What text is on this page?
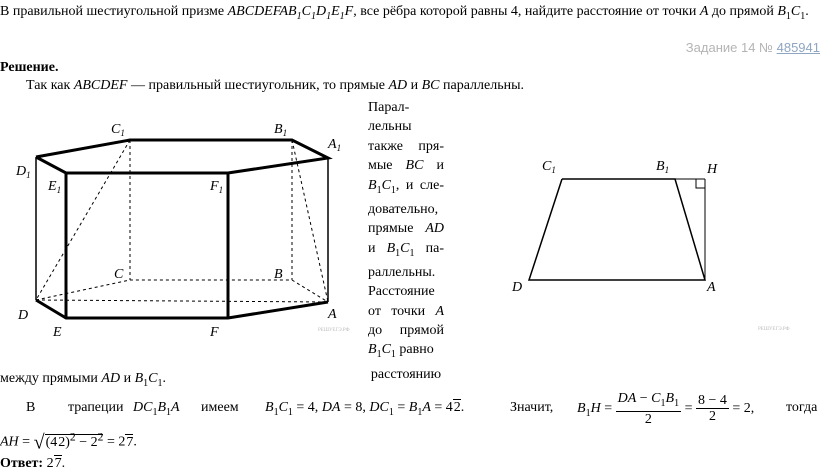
В правильной шестиугольной призме $ABCDEFAB_1C_1D_1E_1F$, все рёбра которой равны 4, найдите расстояние от точки A до прямой $B_1C_1$.
Задание 14 № 485941
Решение.
Так как ABCDEF — правильный шестиугольник, то прямые AD и BC параллельны.
$C_1$	$B_1$
$A_1$
$D_1$
$E_1$	$F_1$
C	B
D
E	F
A
РЕШУЕГЭ.РФ
Парал- лельны также пря- мые BC и $B_1C_1$, и сле- довательно, прямые AD и $B_1C_1$ па- раллельны. Расстояние от точки A до прямой $B_1C_1$ равно
расстоянию
$C_1$	$B_1$	H
D	A
РЕШУЕГЭ.РФ
между прямыми AD и $B_1C_1$.
В трапеции $DC_1B_1A$ имеем $B_1C_1 = 4$, DA = 8, $DC_1 = B_1A = 42$.	Значит, $B_1H = \frac{DA - C_1B_1}{2} = \frac{8 - 4}{2} = 2$, тогда
AH = $√(42)^2 - 2^2 = 27$.
Ответ: 27.
